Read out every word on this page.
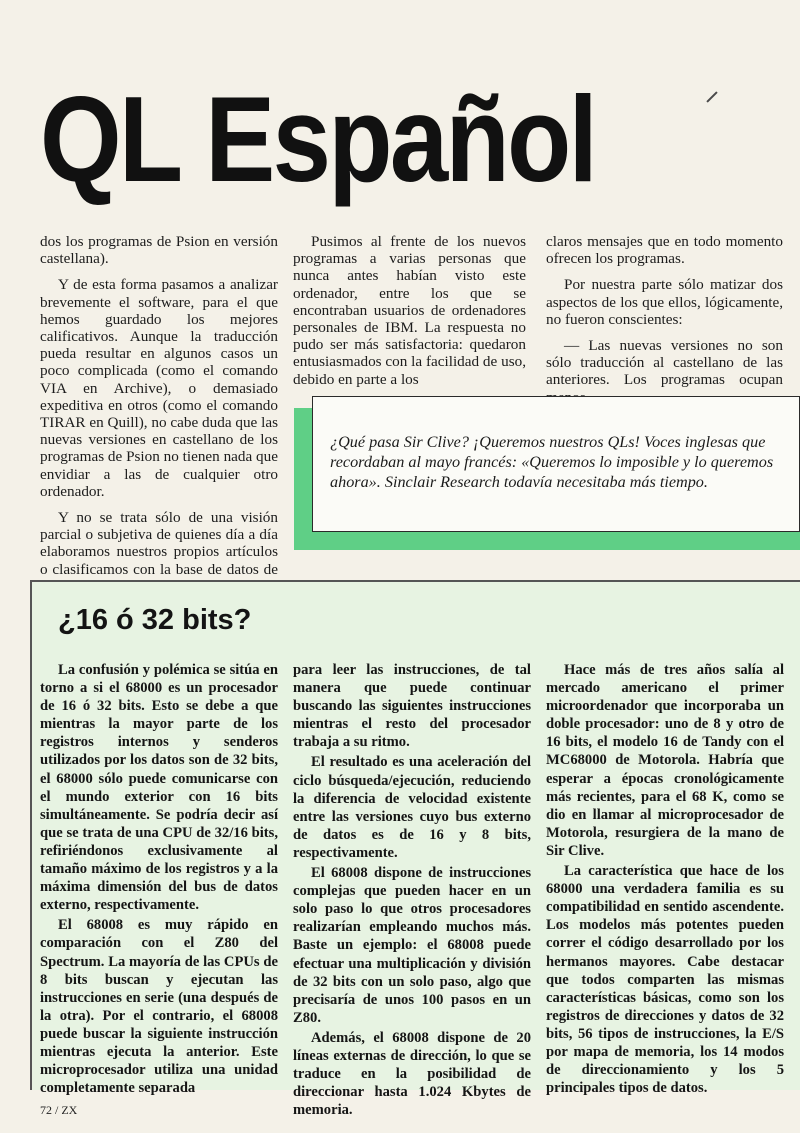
QL Español

dos los programas de Psion en versión castellana).

Y de esta forma pasamos a analizar brevemente el software, para el que hemos guardado los mejores calificativos. Aunque la traducción pueda resultar en algunos casos un poco complicada (como el comando VIA en Archive), o demasiado expeditiva en otros (como el comando TIRAR en Quill), no cabe duda que las nuevas versiones en castellano de los programas de Psion no tienen nada que envidiar a las de cualquier otro ordenador.

Y no se trata sólo de una visión parcial o subjetiva de quienes día a día elaboramos nuestros propios artículos o clasificamos con la base de datos de

Pusimos al frente de los nuevos programas a varias personas que nunca antes habían visto este ordenador, entre los que se encontraban usuarios de ordenadores personales de IBM. La respuesta no pudo ser más satisfactoria: quedaron entusiasmados con la facilidad de uso, debido en parte a los

claros mensajes que en todo momento ofrecen los programas.

Por nuestra parte sólo matizar dos aspectos de los que ellos, lógicamente, no fueron conscientes:

— Las nuevas versiones no son sólo traducción al castellano de las anteriores. Los programas ocupan

¿Qué pasa Sir Clive? ¡Queremos nuestros QLs! Voces inglesas que recordaban al mayo francés: «Queremos lo imposible y lo queremos ahora». Sinclair Research todavía necesitaba más tiempo.
¿16 ó 32 bits?

La confusión y polémica se sitúa en torno a si el 68000 es un procesador de 16 ó 32 bits. Esto se debe a que mientras la mayor parte de los registros internos y senderos utilizados por los datos son de 32 bits, el 68000 sólo puede comunicarse con el mundo exterior con 16 bits simultáneamente. Se podría decir así que se trata de una CPU de 32/16 bits, refiriéndonos exclusivamente al tamaño máximo de los registros y a la máxima dimensión del bus de datos externo, respectivamente.

El 68008 es muy rápido en comparación con el Z80 del Spectrum. La mayoría de las CPUs de 8 bits buscan y ejecutan las instrucciones en serie (una después de la otra). Por el contrario, el 68008 puede buscar la siguiente instrucción mientras ejecuta la anterior. Este microprocesador utiliza una unidad completamente separada

para leer las instrucciones, de tal manera que puede continuar buscando las siguientes instrucciones mientras el resto del procesador trabaja a su ritmo.

El resultado es una aceleración del ciclo búsqueda/ejecución, reduciendo la diferencia de velocidad existente entre las versiones cuyo bus externo de datos es de 16 y 8 bits, respectivamente.

El 68008 dispone de instrucciones complejas que pueden hacer en un solo paso lo que otros procesadores realizarían empleando muchos más. Baste un ejemplo: el 68008 puede efectuar una multiplicación y división de 32 bits con un solo paso, algo que precisaría de unos 100 pasos en un Z80.

Además, el 68008 dispone de 20 líneas externas de dirección, lo que se traduce en la posibilidad de direccionar hasta 1.024 Kbytes de memoria.

Hace más de tres años salía al mercado americano el primer microordenador que incorporaba un doble procesador: uno de 8 y otro de 16 bits, el modelo 16 de Tandy con el MC68000 de Motorola. Habría que esperar a épocas cronológicamente más recientes, para el 68 K, como se dio en llamar al microprocesador de Motorola, resurgiera de la mano de Sir Clive.

La característica que hace de los 68000 una verdadera familia es su compatibilidad en sentido ascendente. Los modelos más potentes pueden correr el código desarrollado por los hermanos mayores. Cabe destacar que todos comparten las mismas características básicas, como son los registros de direcciones y datos de 32 bits, 56 tipos de instrucciones, la E/S por mapa de memoria, los 14 modos de direccionamiento y los 5 principales tipos de datos.

72 / ZX
